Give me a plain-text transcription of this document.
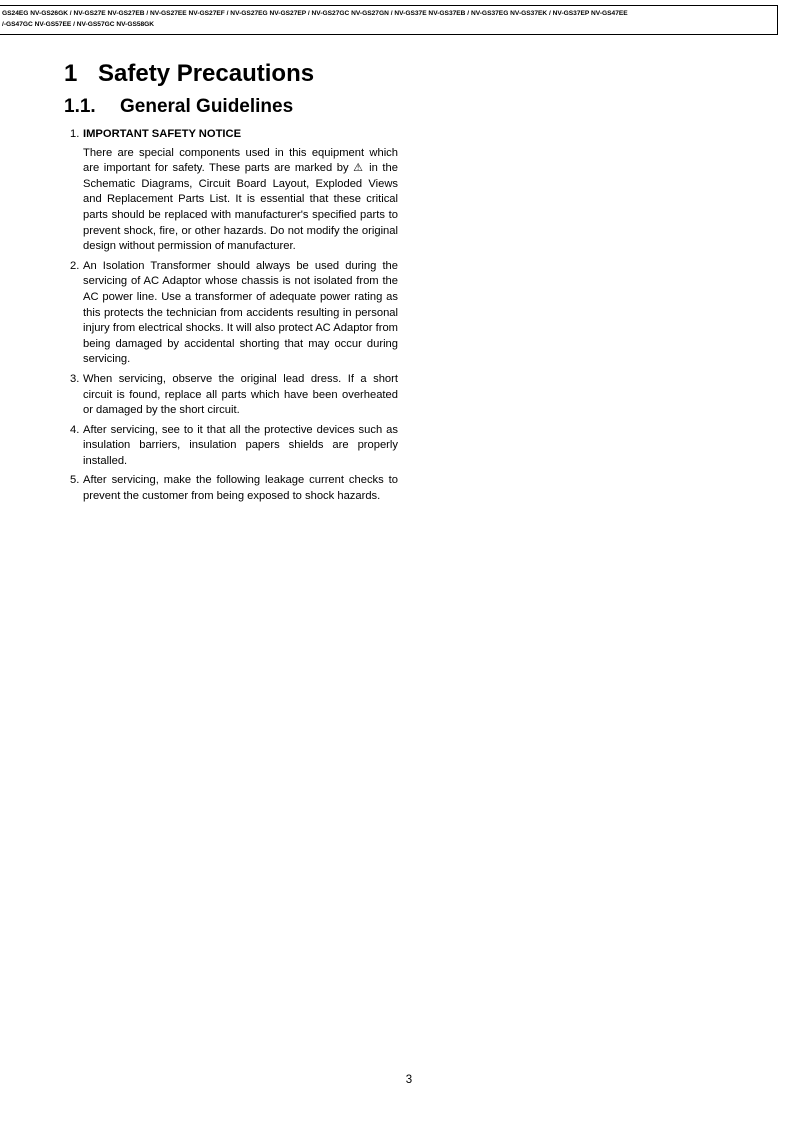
GS24EG NV-GS26GK / NV-GS27E NV-GS27EB / NV-GS27EE NV-GS27EF / NV-GS27EG NV-GS27EP / NV-GS27GC NV-GS27GN / NV-GS37E NV-GS37EB / NV-GS37EG NV-GS37EK / NV-GS37EP NV-GS47EE
/-GS47GC NV-GS57EE / NV-GS57GC NV-GS58GK
1 Safety Precautions
1.1. General Guidelines
1. IMPORTANT SAFETY NOTICE
There are special components used in this equipment which are important for safety. These parts are marked by ⚠ in the Schematic Diagrams, Circuit Board Layout, Exploded Views and Replacement Parts List. It is essential that these critical parts should be replaced with manufacturer's specified parts to prevent shock, fire, or other hazards. Do not modify the original design without permission of manufacturer.
2. An Isolation Transformer should always be used during the servicing of AC Adaptor whose chassis is not isolated from the AC power line. Use a transformer of adequate power rating as this protects the technician from accidents resulting in personal injury from electrical shocks. It will also protect AC Adaptor from being damaged by accidental shorting that may occur during servicing.
3. When servicing, observe the original lead dress. If a short circuit is found, replace all parts which have been overheated or damaged by the short circuit.
4. After servicing, see to it that all the protective devices such as insulation barriers, insulation papers shields are properly installed.
5. After servicing, make the following leakage current checks to prevent the customer from being exposed to shock hazards.
3
